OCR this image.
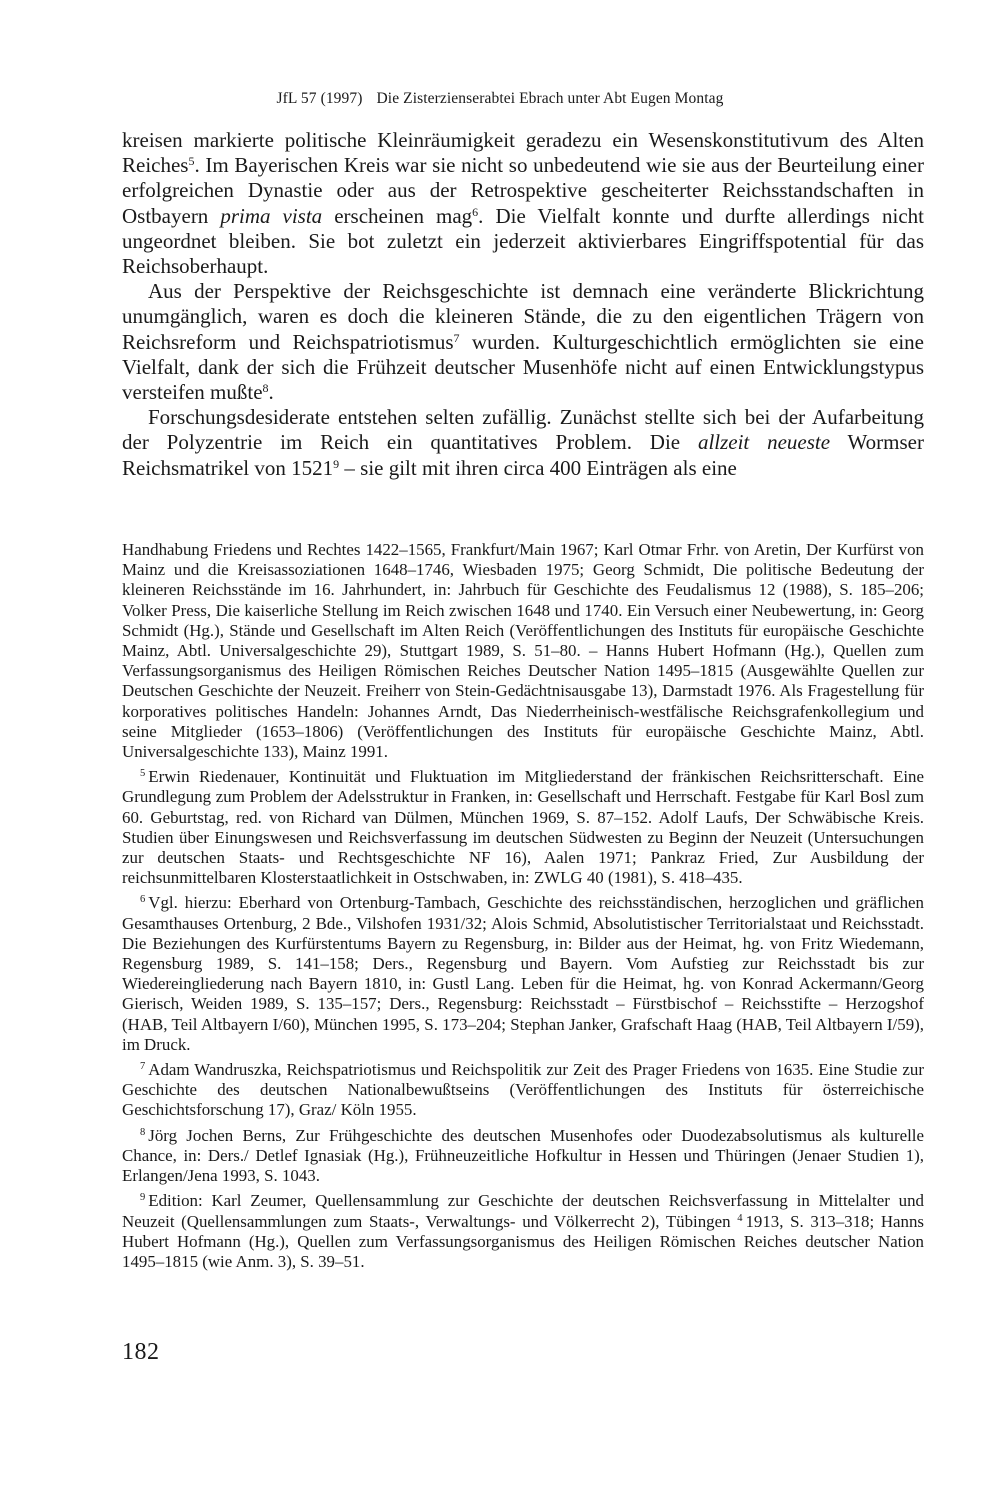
JfL 57 (1997) Die Zisterzienserabtei Ebrach unter Abt Eugen Montag

kreisen markierte politische Kleinräumigkeit geradezu ein Wesenskonstitutivum des Alten Reiches$^5$. Im Bayerischen Kreis war sie nicht so unbedeutend wie sie aus der Beurteilung einer erfolgreichen Dynastie oder aus der Retrospektive gescheiterter Reichsstandschaften in Ostbayern prima vista erscheinen mag$^6$. Die Vielfalt konnte und durfte allerdings nicht ungeordnet bleiben. Sie bot zuletzt ein jederzeit aktivierbares Eingriffspotential für das Reichsoberhaupt.

Aus der Perspektive der Reichsgeschichte ist demnach eine veränderte Blickrichtung unumgänglich, waren es doch die kleineren Stände, die zu den eigentlichen Trägern von Reichsreform und Reichspatriotismus$^7$ wurden. Kulturgeschichtlich ermöglichten sie eine Vielfalt, dank der sich die Frühzeit deutscher Musenhöfe nicht auf einen Entwicklungstypus versteifen mußte$^8$.

Forschungsdesiderate entstehen selten zufällig. Zunächst stellte sich bei der Aufarbeitung der Polyzentrie im Reich ein quantitatives Problem. Die allzeit neueste Wormser Reichsmatrikel von 1521$^9$ – sie gilt mit ihren circa 400 Einträgen als eine

Handhabung Friedens und Rechtes 1422–1565, Frankfurt/Main 1967; Karl Otmar Frhr. von Aretin, Der Kurfürst von Mainz und die Kreisassoziationen 1648–1746, Wiesbaden 1975; Georg Schmidt, Die politische Bedeutung der kleineren Reichsstände im 16. Jahrhundert, in: Jahrbuch für Geschichte des Feudalismus 12 (1988), S. 185–206; Volker Press, Die kaiserliche Stellung im Reich zwischen 1648 und 1740. Ein Versuch einer Neubewertung, in: Georg Schmidt (Hg.), Stände und Gesellschaft im Alten Reich (Veröffentlichungen des Instituts für europäische Geschichte Mainz, Abtl. Universalgeschichte 29), Stuttgart 1989, S. 51–80. – Hanns Hubert Hofmann (Hg.), Quellen zum Verfassungsorganismus des Heiligen Römischen Reiches Deutscher Nation 1495–1815 (Ausgewählte Quellen zur Deutschen Geschichte der Neuzeit. Freiherr von Stein-Gedächtnisausgabe 13), Darmstadt 1976. Als Fragestellung für korporatives politisches Handeln: Johannes Arndt, Das Niederrheinisch-westfälische Reichsgrafenkollegium und seine Mitglieder (1653–1806) (Veröffentlichungen des Instituts für europäische Geschichte Mainz, Abtl. Universalgeschichte 133), Mainz 1991.

$^5$ Erwin Riedenauer, Kontinuität und Fluktuation im Mitgliederstand der fränkischen Reichsritterschaft. Eine Grundlegung zum Problem der Adelsstruktur in Franken, in: Gesellschaft und Herrschaft. Festgabe für Karl Bosl zum 60. Geburtstag, red. von Richard van Dülmen, München 1969, S. 87–152. Adolf Laufs, Der Schwäbische Kreis. Studien über Einungswesen und Reichsverfassung im deutschen Südwesten zu Beginn der Neuzeit (Untersuchungen zur deutschen Staats- und Rechtsgeschichte NF 16), Aalen 1971; Pankraz Fried, Zur Ausbildung der reichsunmittelbaren Klosterstaatlichkeit in Ostschwaben, in: ZWLG 40 (1981), S. 418–435.

$^6$ Vgl. hierzu: Eberhard von Ortenburg-Tambach, Geschichte des reichsständischen, herzoglichen und gräflichen Gesamthauses Ortenburg, 2 Bde., Vilshofen 1931/32; Alois Schmid, Absolutistischer Territorialstaat und Reichsstadt. Die Beziehungen des Kurfürstentums Bayern zu Regensburg, in: Bilder aus der Heimat, hg. von Fritz Wiedemann, Regensburg 1989, S. 141–158; Ders., Regensburg und Bayern. Vom Aufstieg zur Reichsstadt bis zur Wiedereingliederung nach Bayern 1810, in: Gustl Lang. Leben für die Heimat, hg. von Konrad Ackermann/Georg Gierisch, Weiden 1989, S. 135–157; Ders., Regensburg: Reichsstadt – Fürstbischof – Reichsstifte – Herzogshof (HAB, Teil Altbayern I/60), München 1995, S. 173–204; Stephan Janker, Grafschaft Haag (HAB, Teil Altbayern I/59), im Druck.

$^7$ Adam Wandruszka, Reichspatriotismus und Reichspolitik zur Zeit des Prager Friedens von 1635. Eine Studie zur Geschichte des deutschen Nationalbewußtseins (Veröffentlichungen des Instituts für österreichische Geschichtsforschung 17), Graz/ Köln 1955.

$^8$ Jörg Jochen Berns, Zur Frühgeschichte des deutschen Musenhofes oder Duodezabsolutismus als kulturelle Chance, in: Ders./ Detlef Ignasiak (Hg.), Frühneuzeitliche Hofkultur in Hessen und Thüringen (Jenaer Studien 1), Erlangen/Jena 1993, S. 1043.

$^9$ Edition: Karl Zeumer, Quellensammlung zur Geschichte der deutschen Reichsverfassung in Mittelalter und Neuzeit (Quellensammlungen zum Staats-, Verwaltungs- und Völkerrecht 2), Tübingen $^4$ 1913, S. 313–318; Hanns Hubert Hofmann (Hg.), Quellen zum Verfassungsorganismus des Heiligen Römischen Reiches deutscher Nation 1495–1815 (wie Anm. 3), S. 39–51.

182
